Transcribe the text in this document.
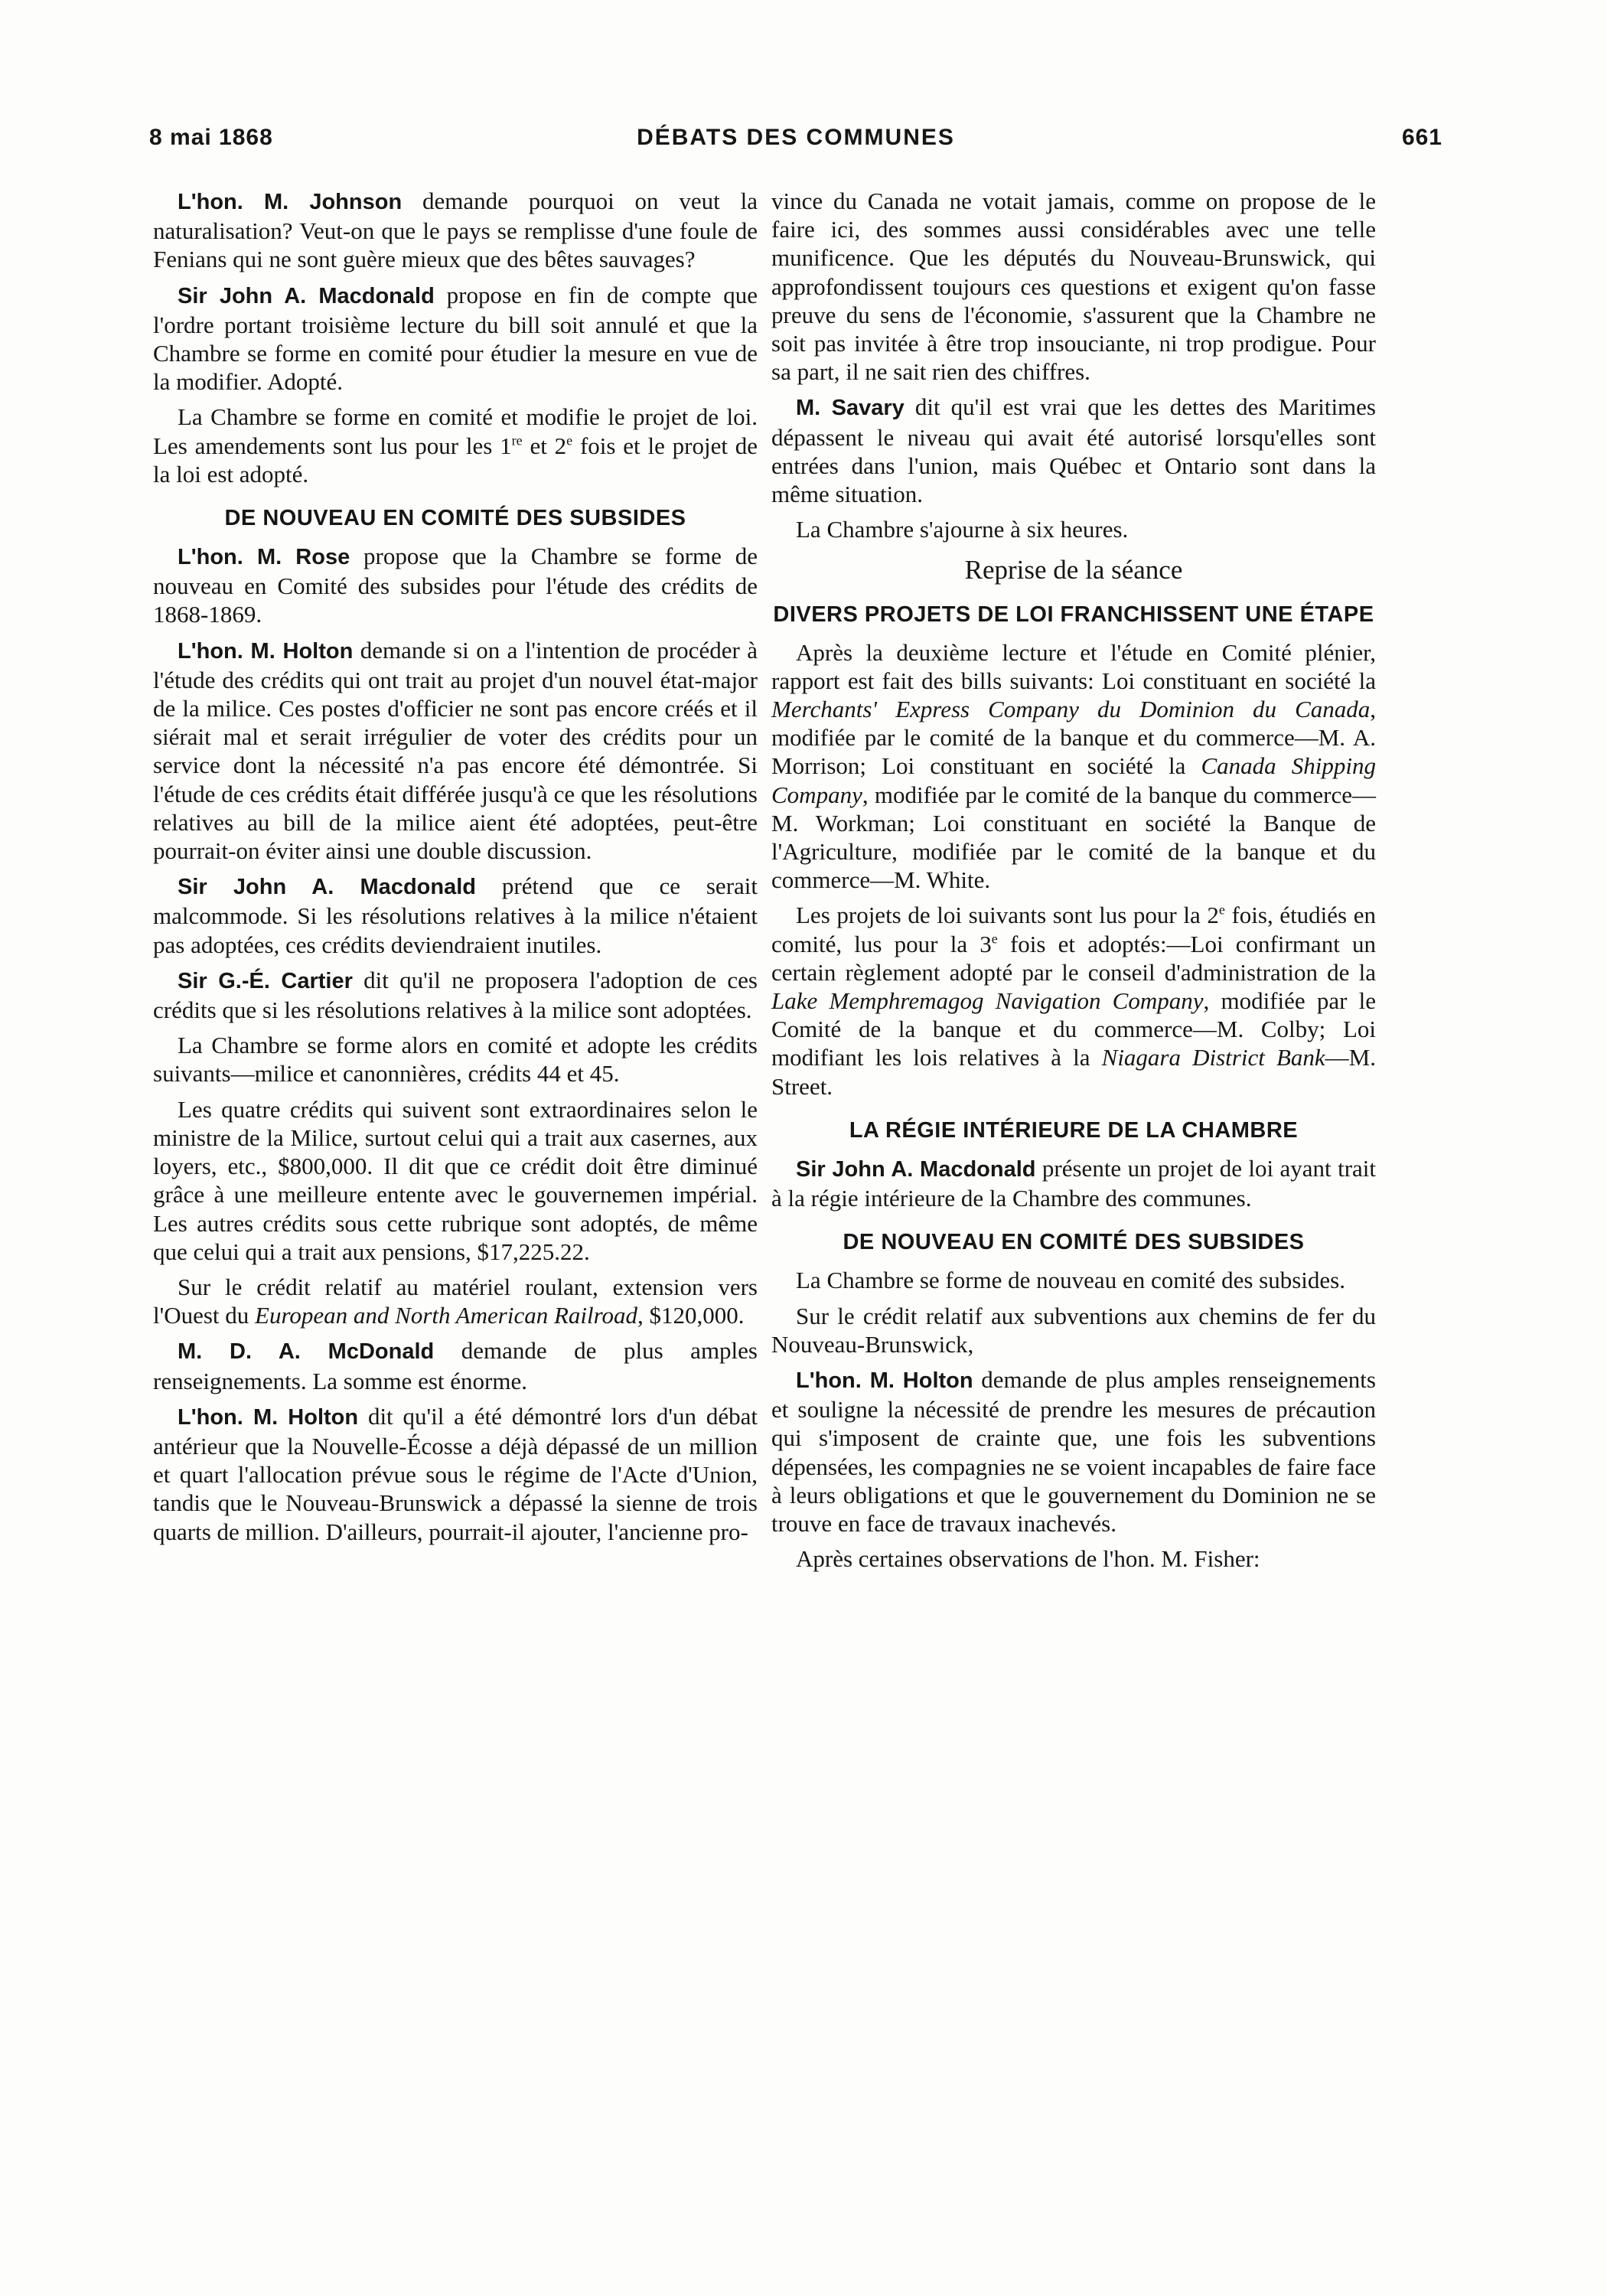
8 mai 1868	DÉBATS DES COMMUNES	661

L'hon. M. Johnson demande pourquoi on veut la naturalisation? Veut-on que le pays se remplisse d'une foule de Fenians qui ne sont guère mieux que des bêtes sauvages?

Sir John A. Macdonald propose en fin de compte que l'ordre portant troisième lecture du bill soit annulé et que la Chambre se forme en comité pour étudier la mesure en vue de la modifier. Adopté.

La Chambre se forme en comité et modifie le projet de loi. Les amendements sont lus pour les 1re et 2e fois et le projet de la loi est adopté.

DE NOUVEAU EN COMITÉ DES SUBSIDES

L'hon. M. Rose propose que la Chambre se forme de nouveau en Comité des subsides pour l'étude des crédits de 1868-1869.

L'hon. M. Holton demande si on a l'intention de procéder à l'étude des crédits qui ont trait au projet d'un nouvel état-major de la milice. Ces postes d'officier ne sont pas encore créés et il siérait mal et serait irrégulier de voter des crédits pour un service dont la nécessité n'a pas encore été démontrée. Si l'étude de ces crédits était différée jusqu'à ce que les résolutions relatives au bill de la milice aient été adoptées, peut-être pourrait-on éviter ainsi une double discussion.

Sir John A. Macdonald prétend que ce serait malcommode. Si les résolutions relatives à la milice n'étaient pas adoptées, ces crédits deviendraient inutiles.

Sir G.-É. Cartier dit qu'il ne proposera l'adoption de ces crédits que si les résolutions relatives à la milice sont adoptées.

La Chambre se forme alors en comité et adopte les crédits suivants—milice et canonnières, crédits 44 et 45.

Les quatre crédits qui suivent sont extraordinaires selon le ministre de la Milice, surtout celui qui a trait aux casernes, aux loyers, etc., $800,000. Il dit que ce crédit doit être diminué grâce à une meilleure entente avec le gouvernemen impérial. Les autres crédits sous cette rubrique sont adoptés, de même que celui qui a trait aux pensions, $17,225.22.

Sur le crédit relatif au matériel roulant, extension vers l'Ouest du European and North American Railroad, $120,000.

M. D. A. McDonald demande de plus amples renseignements. La somme est énorme.

L'hon. M. Holton dit qu'il a été démontré lors d'un débat antérieur que la Nouvelle-Écosse a déjà dépassé de un million et quart l'allocation prévue sous le régime de l'Acte d'Union, tandis que le Nouveau-Brunswick a dépassé la sienne de trois quarts de million. D'ailleurs, pourrait-il ajouter, l'ancienne pro-

vince du Canada ne votait jamais, comme on propose de le faire ici, des sommes aussi considérables avec une telle munificence. Que les députés du Nouveau-Brunswick, qui approfondissent toujours ces questions et exigent qu'on fasse preuve du sens de l'économie, s'assurent que la Chambre ne soit pas invitée à être trop insouciante, ni trop prodigue. Pour sa part, il ne sait rien des chiffres.

M. Savary dit qu'il est vrai que les dettes des Maritimes dépassent le niveau qui avait été autorisé lorsqu'elles sont entrées dans l'union, mais Québec et Ontario sont dans la même situation.

La Chambre s'ajourne à six heures.

Reprise de la séance
DIVERS PROJETS DE LOI FRANCHISSENT UNE ÉTAPE

Après la deuxième lecture et l'étude en Comité plénier, rapport est fait des bills suivants: Loi constituant en société la Merchants' Express Company du Dominion du Canada, modifiée par le comité de la banque et du commerce—M. A. Morrison; Loi constituant en société la Canada Shipping Company, modifiée par le comité de la banque du commerce—M. Workman; Loi constituant en société la Banque de l'Agriculture, modifiée par le comité de la banque et du commerce—M. White.

Les projets de loi suivants sont lus pour la 2e fois, étudiés en comité, lus pour la 3e fois et adoptés:—Loi confirmant un certain règlement adopté par le conseil d'administration de la Lake Memphremagog Navigation Company, modifiée par le Comité de la banque et du commerce—M. Colby; Loi modifiant les lois relatives à la Niagara District Bank—M. Street.

LA RÉGIE INTÉRIEURE DE LA CHAMBRE

Sir John A. Macdonald présente un projet de loi ayant trait à la régie intérieure de la Chambre des communes.

DE NOUVEAU EN COMITÉ DES SUBSIDES

La Chambre se forme de nouveau en comité des subsides.

Sur le crédit relatif aux subventions aux chemins de fer du Nouveau-Brunswick,

L'hon. M. Holton demande de plus amples renseignements et souligne la nécessité de prendre les mesures de précaution qui s'imposent de crainte que, une fois les subventions dépensées, les compagnies ne se voient incapables de faire face à leurs obligations et que le gouvernement du Dominion ne se trouve en face de travaux inachevés.

Après certaines observations de l'hon. M. Fisher:
